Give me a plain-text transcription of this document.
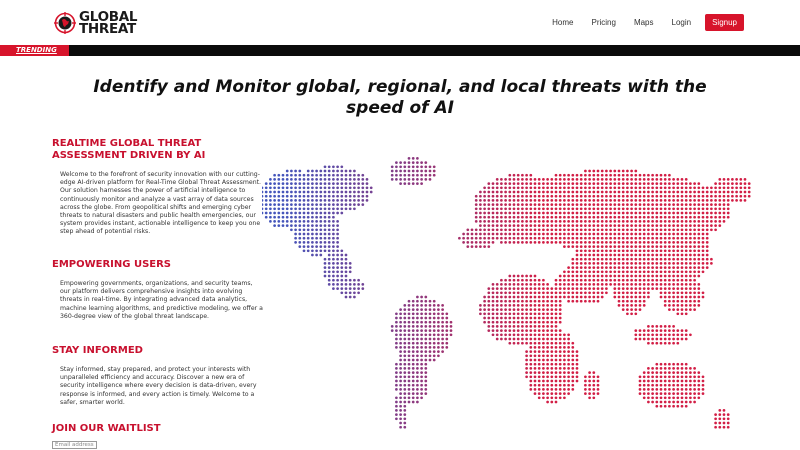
GLOBAL
THREAT	Home Pricing Maps Login	Signup
TRENDING
Identify and Monitor global, regional, and local threats with the speed of AI
REALTIME GLOBAL THREAT ASSESSMENT DRIVEN BY AI

Welcome to the forefront of security innovation with our cutting-edge AI-driven platform for Real-Time Global Threat Assessment. Our solution harnesses the power of artificial intelligence to continuously monitor and analyze a vast array of data sources across the globe. From geopolitical shifts and emerging cyber threats to natural disasters and public health emergencies, our system provides instant, actionable intelligence to keep you one step ahead of potential risks.

EMPOWERING USERS

Empowering governments, organizations, and security teams, our platform delivers comprehensive insights into evolving threats in real-time. By integrating advanced data analytics, machine learning algorithms, and predictive modeling, we offer a 360-degree view of the global threat landscape.

STAY INFORMED

Stay informed, stay prepared, and protect your interests with unparalleled efficiency and accuracy. Discover a new era of security intelligence where every decision is data-driven, every response is informed, and every action is timely. Welcome to a safer, smarter world.

JOIN OUR WAITLIST
Email address
